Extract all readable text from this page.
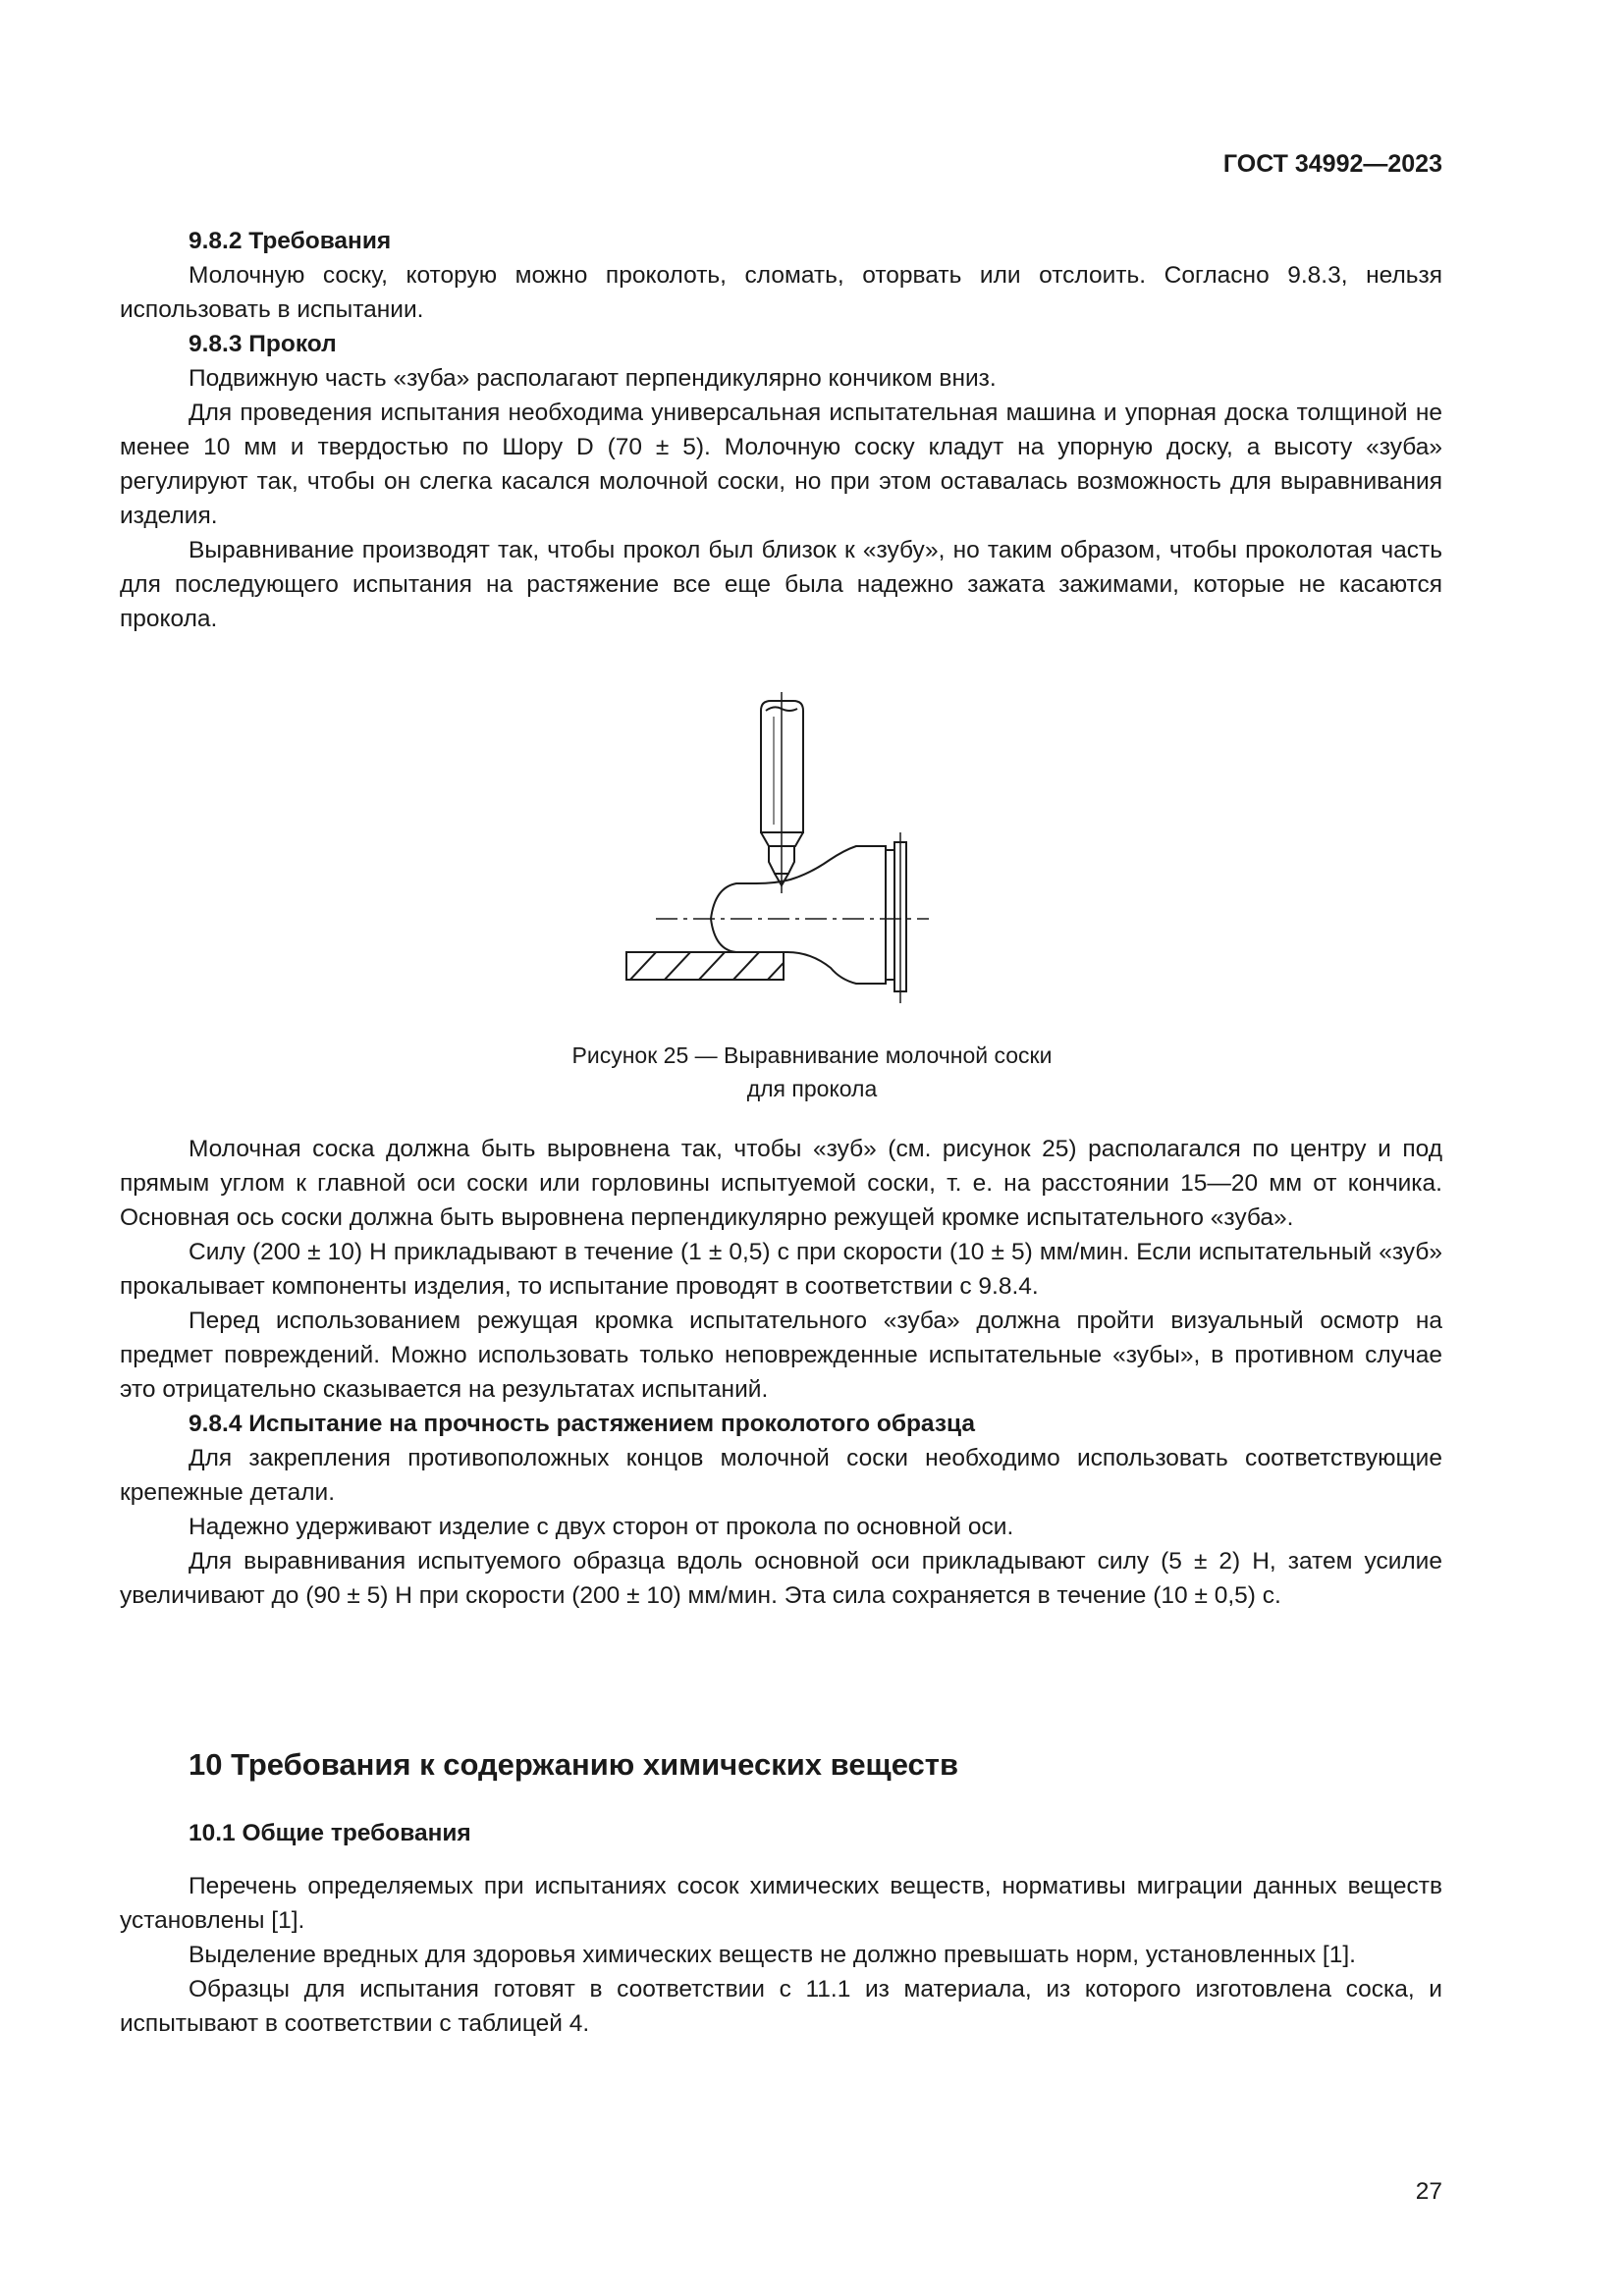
ГОСТ 34992—2023
9.8.2 Требования

Молочную соску, которую можно проколоть, сломать, оторвать или отслоить. Согласно 9.8.3, нельзя использовать в испытании.

9.8.3 Прокол

Подвижную часть «зуба» располагают перпендикулярно кончиком вниз.

Для проведения испытания необходима универсальная испытательная машина и упорная доска толщиной не менее 10 мм и твердостью по Шору D (70 ± 5). Молочную соску кладут на упорную доску, а высоту «зуба» регулируют так, чтобы он слегка касался молочной соски, но при этом оставалась возможность для выравнивания изделия.

Выравнивание производят так, чтобы прокол был близок к «зубу», но таким образом, чтобы проколотая часть для последующего испытания на растяжение все еще была надежно зажата зажимами, которые не касаются прокола.

Рисунок 25 — Выравнивание молочной соски
для прокола

Молочная соска должна быть выровнена так, чтобы «зуб» (см. рисунок 25) располагался по центру и под прямым углом к главной оси соски или горловины испытуемой соски, т. е. на расстоянии 15—20 мм от кончика. Основная ось соски должна быть выровнена перпендикулярно режущей кромке испытательного «зуба».

Силу (200 ± 10) Н прикладывают в течение (1 ± 0,5) с при скорости (10 ± 5) мм/мин. Если испытательный «зуб» прокалывает компоненты изделия, то испытание проводят в соответствии с 9.8.4.

Перед использованием режущая кромка испытательного «зуба» должна пройти визуальный осмотр на предмет повреждений. Можно использовать только неповрежденные испытательные «зубы», в противном случае это отрицательно сказывается на результатах испытаний.

9.8.4 Испытание на прочность растяжением проколотого образца

Для закрепления противоположных концов молочной соски необходимо использовать соответствующие крепежные детали.

Надежно удерживают изделие с двух сторон от прокола по основной оси.

Для выравнивания испытуемого образца вдоль основной оси прикладывают силу (5 ± 2) Н, затем усилие увеличивают до (90 ± 5) Н при скорости (200 ± 10) мм/мин. Эта сила сохраняется в течение (10 ± 0,5) с.

10 Требования к содержанию химических веществ
10.1 Общие требования

Перечень определяемых при испытаниях сосок химических веществ, нормативы миграции данных веществ установлены [1].

Выделение вредных для здоровья химических веществ не должно превышать норм, установленных [1].

Образцы для испытания готовят в соответствии с 11.1 из материала, из которого изготовлена соска, и испытывают в соответствии с таблицей 4.

27
